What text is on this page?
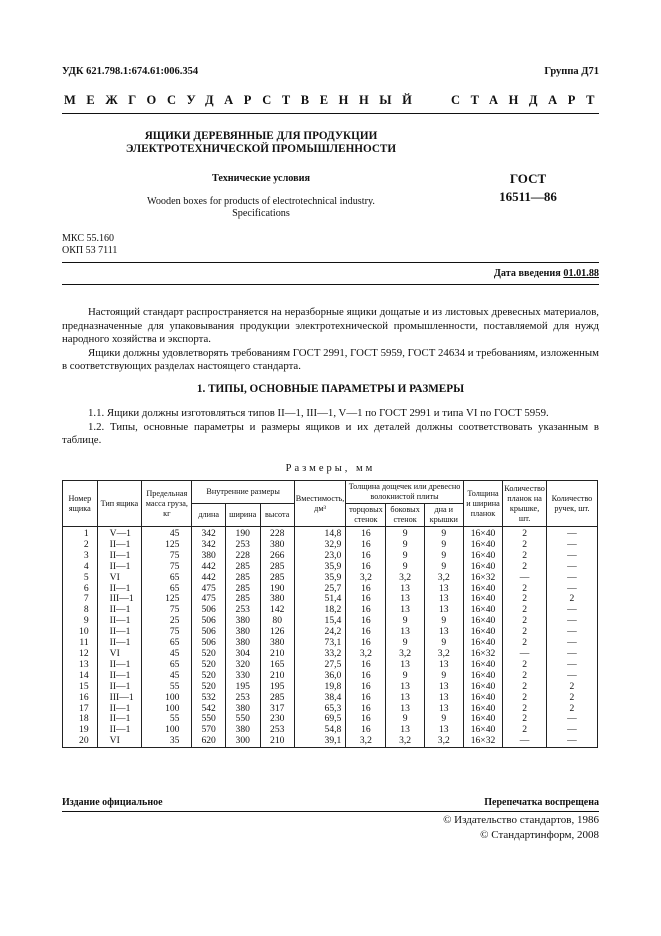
УДК 621.798.1:674.61:006.354	Группа Д71
МЕЖГОСУДАРСТВЕННЫЙ СТАНДАРТ
ЯЩИКИ ДЕРЕВЯННЫЕ ДЛЯ ПРОДУКЦИИ
ЭЛЕКТРОТЕХНИЧЕСКОЙ ПРОМЫШЛЕННОСТИ
Технические условия
Wooden boxes for products of electrotechnical industry.
Specifications
ГОСТ
16511—86
МКС 55.160
ОКП 53 7111
Дата введения 01.01.88

Настоящий стандарт распространяется на неразборные ящики дощатые и из листовых древесных материалов, предназначенные для упаковывания продукции электротехнической промышленности, поставляемой для нужд народного хозяйства и экспорта.

Ящики должны удовлетворять требованиям ГОСТ 2991, ГОСТ 5959, ГОСТ 24634 и требованиям, изложенным в соответствующих разделах настоящего стандарта.

1. ТИПЫ, ОСНОВНЫЕ ПАРАМЕТРЫ И РАЗМЕРЫ

1.1. Ящики должны изготовляться типов II—1, III—1, V—1 по ГОСТ 2991 и типа VI по ГОСТ 5959.

1.2. Типы, основные параметры и размеры ящиков и их деталей должны соответствовать указанным в таблице.

Размеры, мм
Номер ящика	Тип ящика	Предельная масса груза, кг	Внутренние размеры			Вместимость, дм³	Толщина дощечек или древесно волокнистой плиты			Толщина и ширина планок	Количество планок на крышке, шт.	Количество ручек, шт.
			длина	ширина	высота		торцовых стенок	боковых стенок	дна и крышки			
1	V—1	45	342	190	228	14,8	16	9	9	16×40	2	—
2	II—1	125	342	253	380	32,9	16	9	9	16×40	2	—
3	II—1	75	380	228	266	23,0	16	9	9	16×40	2	—
4	II—1	75	442	285	285	35,9	16	9	9	16×40	2	—
5	VI	65	442	285	285	35,9	3,2	3,2	3,2	16×32	—	—
6	II—1	65	475	285	190	25,7	16	13	13	16×40	2	—
7	III—1	125	475	285	380	51,4	16	13	13	16×40	2	2
8	II—1	75	506	253	142	18,2	16	13	13	16×40	2	—
9	II—1	25	506	380	80	15,4	16	9	9	16×40	2	—
10	II—1	75	506	380	126	24,2	16	13	13	16×40	2	—
11	II—1	65	506	380	380	73,1	16	9	9	16×40	2	—
12	VI	45	520	304	210	33,2	3,2	3,2	3,2	16×32	—	—
13	II—1	65	520	320	165	27,5	16	13	13	16×40	2	—
14	II—1	45	520	330	210	36,0	16	9	9	16×40	2	—
15	II—1	55	520	195	195	19,8	16	13	13	16×40	2	2
16	III—1	100	532	253	285	38,4	16	13	13	16×40	2	2
17	II—1	100	542	380	317	65,3	16	13	13	16×40	2	2
18	II—1	55	550	550	230	69,5	16	9	9	16×40	2	—
19	II—1	100	570	380	253	54,8	16	13	13	16×40	2	—
20	VI	35	620	300	210	39,1	3,2	3,2	3,2	16×32	—	—
Издание официальное	Перепечатка воспрещена
© Издательство стандартов, 1986
© Стандартинформ, 2008
